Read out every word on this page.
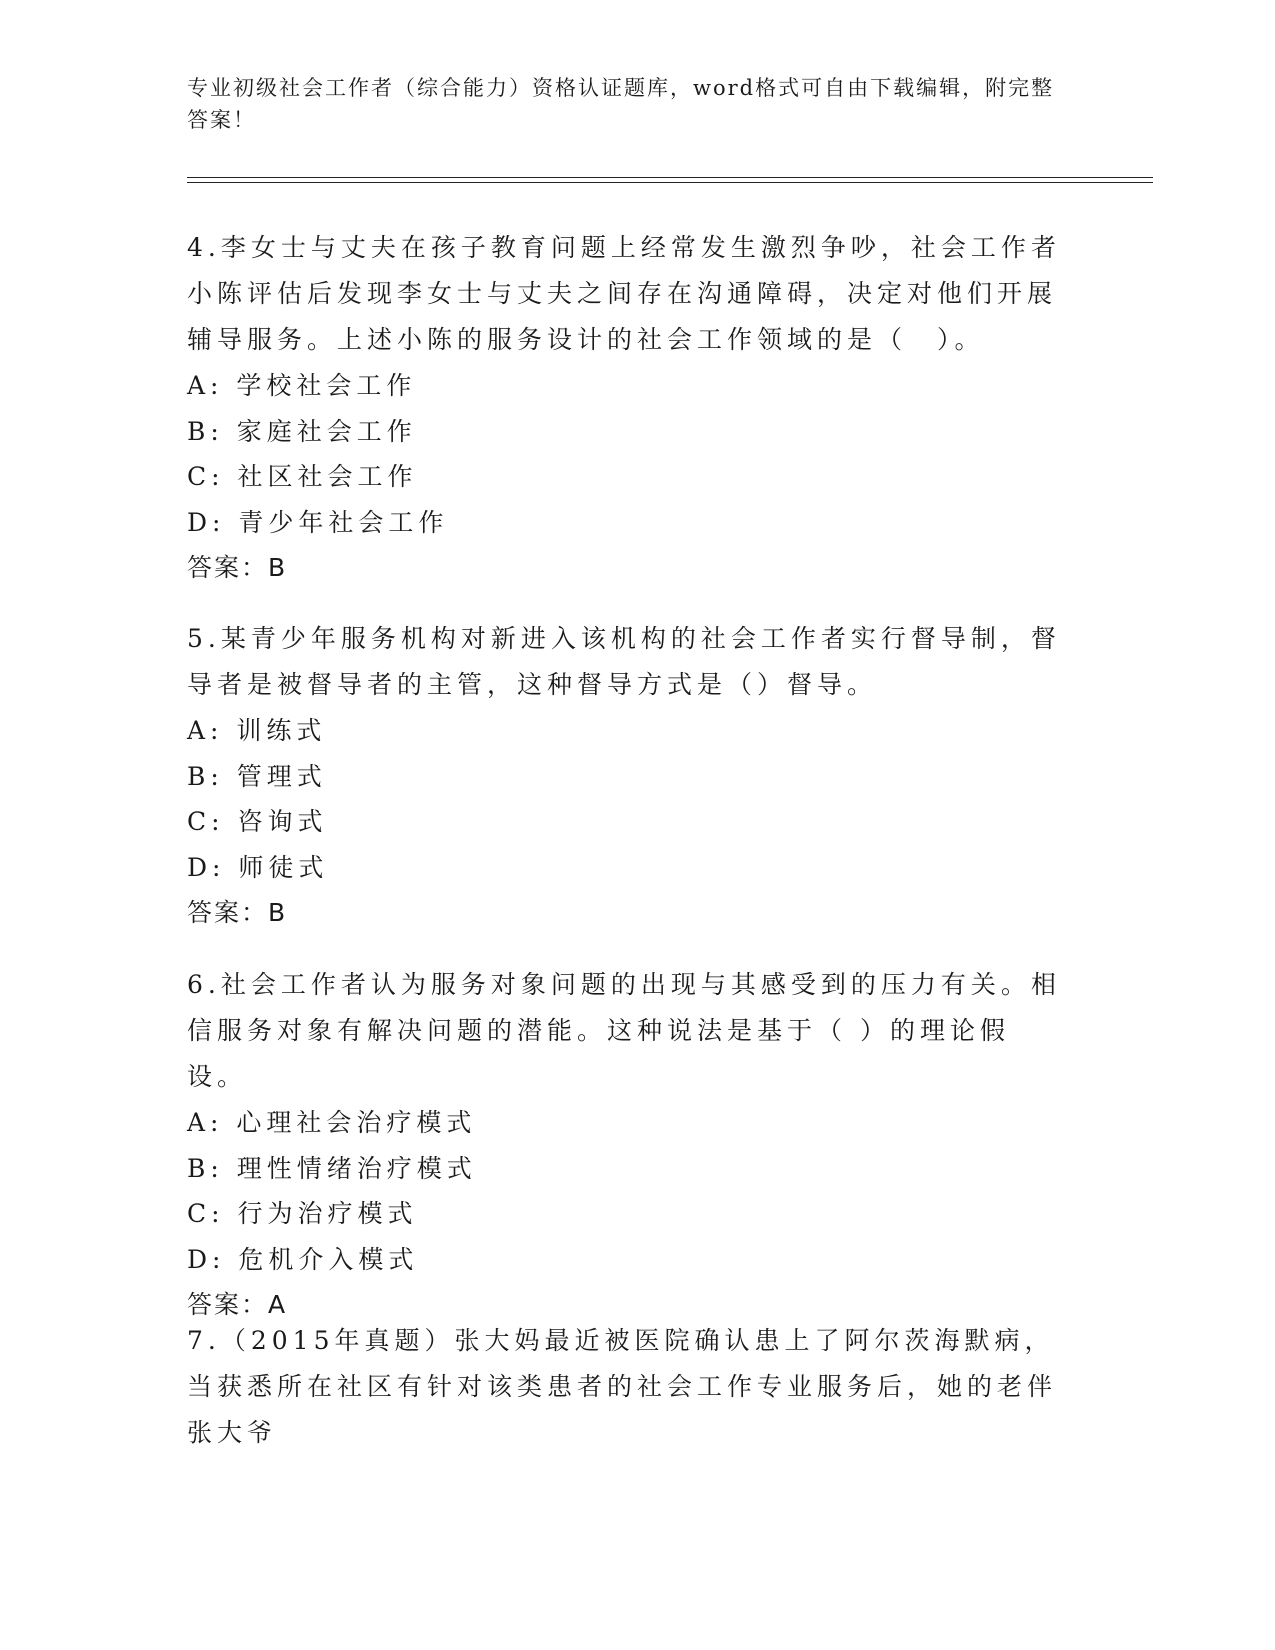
专业初级社会工作者（综合能力）资格认证题库，word格式可自由下载编辑，附完整答案！

4.李女士与丈夫在孩子教育问题上经常发生激烈争吵，社会工作者小陈评估后发现李女士与丈夫之间存在沟通障碍，决定对他们开展辅导服务。上述小陈的服务设计的社会工作领域的是（　）。

A: 学校社会工作

B: 家庭社会工作

C: 社区社会工作

D: 青少年社会工作

答案：B

5.某青少年服务机构对新进入该机构的社会工作者实行督导制，督导者是被督导者的主管，这种督导方式是（）督导。

A: 训练式

B: 管理式

C: 咨询式

D: 师徒式

答案：B

6.社会工作者认为服务对象问题的出现与其感受到的压力有关。相信服务对象有解决问题的潜能。这种说法是基于（ ）的理论假设。

A: 心理社会治疗模式

B: 理性情绪治疗模式

C: 行为治疗模式

D: 危机介入模式

答案：A

7.（2015年真题）张大妈最近被医院确认患上了阿尔茨海默病，当获悉所在社区有针对该类患者的社会工作专业服务后，她的老伴张大爷
